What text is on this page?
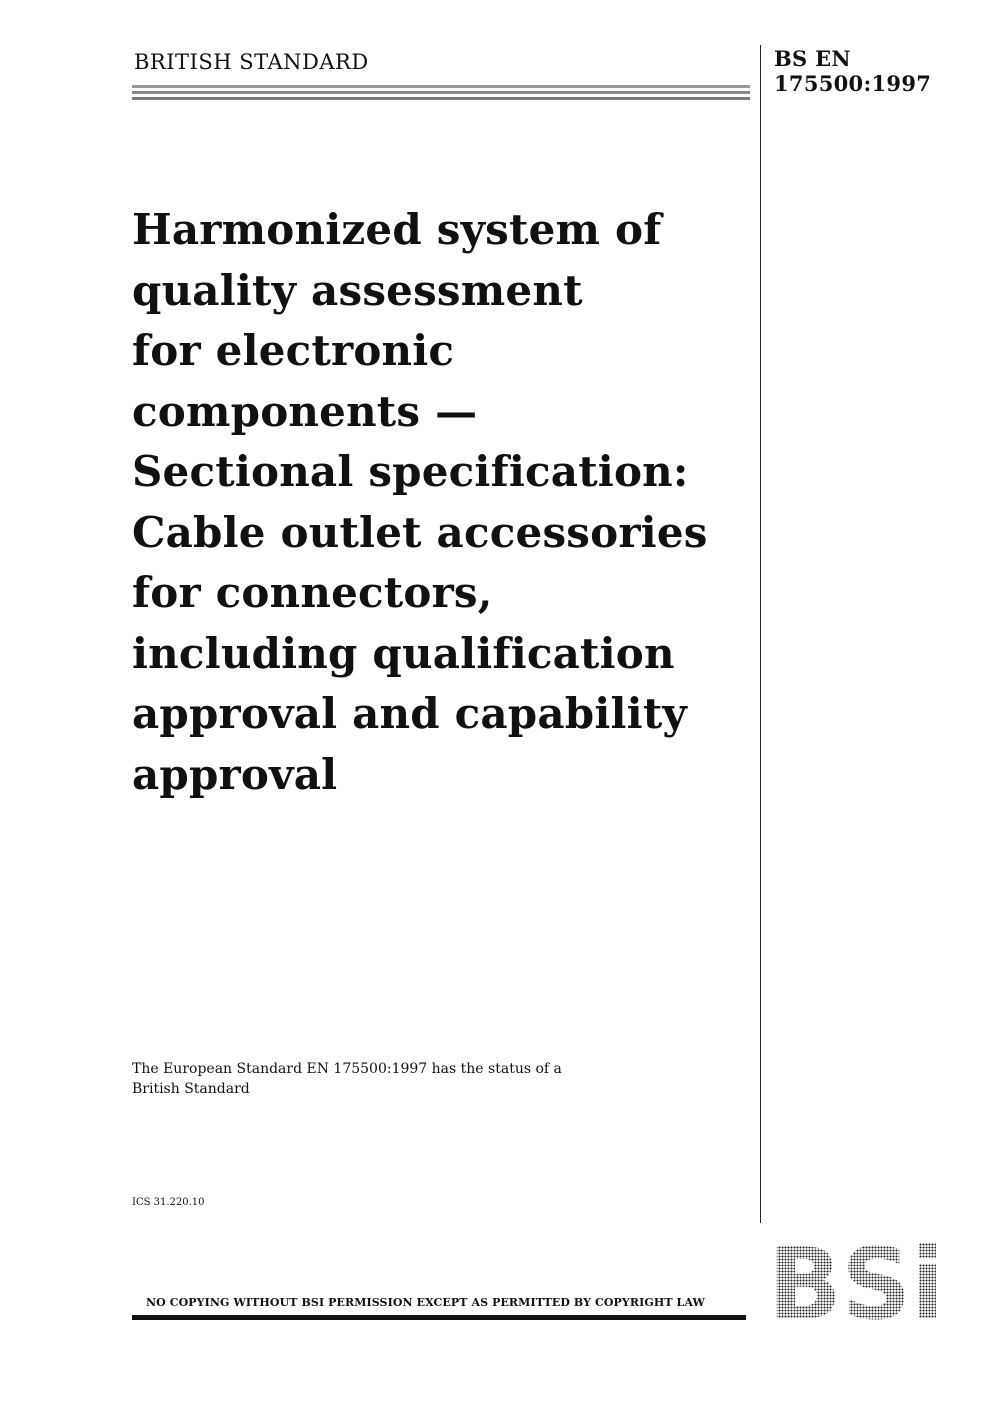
BRITISH STANDARD	BS EN
175500:1997
Harmonized system of
quality assessment
for electronic
components —
Sectional specification:
Cable outlet accessories
for connectors,
including qualification
approval and capability
approval
The European Standard EN 175500:1997 has the status of a
British Standard
ICS 31.220.10
NO COPYING WITHOUT BSI PERMISSION EXCEPT AS PERMITTED BY COPYRIGHT LAW
